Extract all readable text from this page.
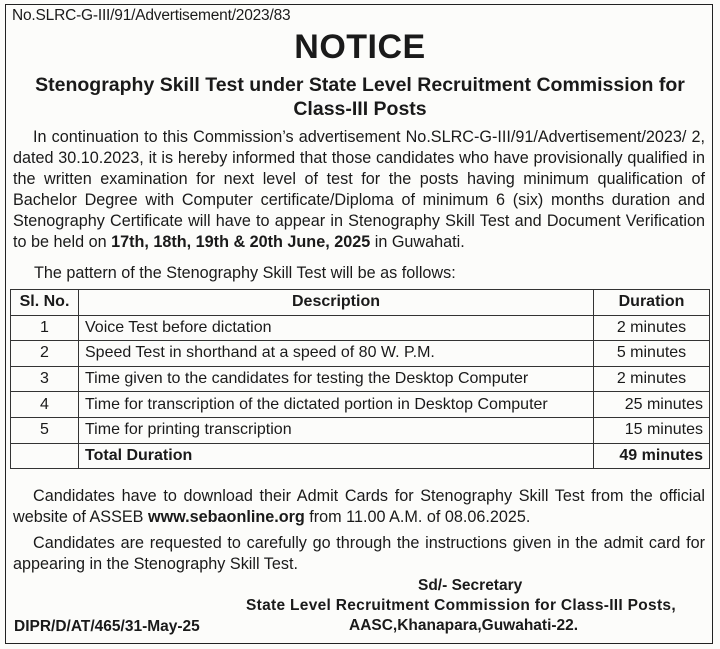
No.SLRC-G-III/91/Advertisement/2023/83
NOTICE
Stenography Skill Test under State Level Recruitment Commission for
Class-III Posts
In continuation to this Commission’s advertisement No.SLRC-G-III/91/Advertisement/2023/ 2, dated 30.10.2023, it is hereby informed that those candidates who have provisionally qualified in the written examination for next level of test for the posts having minimum qualification of Bachelor Degree with Computer certificate/Diploma of minimum 6 (six) months duration and Stenography Certificate will have to appear in Stenography Skill Test and Document Verification to be held on 17th, 18th, 19th & 20th June, 2025 in Guwahati.
The pattern of the Stenography Skill Test will be as follows:
Sl. No.	Description	Duration
1	Voice Test before dictation	2 minutes
2	Speed Test in shorthand at a speed of 80 W. P.M.	5 minutes
3	Time given to the candidates for testing the Desktop Computer	2 minutes
4	Time for transcription of the dictated portion in Desktop Computer	25 minutes
5	Time for printing transcription	15 minutes
	Total Duration	49 minutes
Candidates have to download their Admit Cards for Stenography Skill Test from the official website of ASSEB www.sebaonline.org from 11.00 A.M. of 08.06.2025.
Candidates are requested to carefully go through the instructions given in the admit card for appearing in the Stenography Skill Test.
Sd/- Secretary
State Level Recruitment Commission for Class-III Posts,
AASC,Khanapara,Guwahati-22.
DIPR/D/AT/465/31-May-25
